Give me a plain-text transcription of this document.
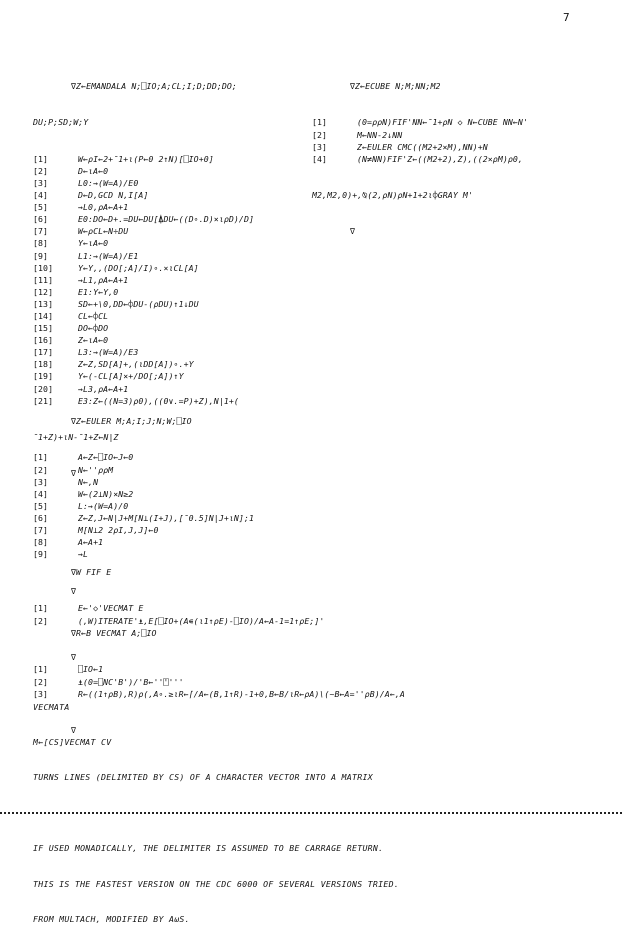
7

∇Z←EMANDALA N;⎕IO;A;CL;I;D;DD;DO;

DU;P;SD;W;Y

[1]	W←ρI←2+¯1+ι(P←0 2↑N)[⎕IO+0]
[2]	D←ιA←0
[3]	L0:→(W=A)/E0
[4]	D←D,GCD N,I[A]
[5]	→L0,ρA←A+1
[6]	E0:DO←D+.=DU←DU[⍋DU←((D∘.D)×ιρD)/D]
[7]	W←ρCL←N÷DU
[8]	Y←ιA←0
[9]	L1:→(W=A)/E1
[10]	Y←Y,,(DO[;A]/I)∘.×ιCL[A]
[11]	→L1,ρA←A+1
[12]	E1:Y←Y,0
[13]	SD←+\0,DD←⌽DU-(ρDU)↑1↓DU
[14]	CL←⌽CL
[15]	DO←⌽DO
[16]	Z←ιA←0
[17]	L3:→(W=A)/E3
[18]	Z←Z,SD[A]+,(ιDD[A])∘.+Y
[19]	Y←(-CL[A]×+/DO[;A])↑Y
[20]	→L3,ρA←A+1
[21]	E3:Z←((N=3)ρ0),((0∨.=P)+Z),N|1+(

¯1+Z)+ιN-¯1+Z←N|Z

∇

∇Z←ECUBE N;M;NN;M2

[1]	(0=ρρN)FIF'NN←¯1+ρN ◇ N←CUBE NN←N'
[2]	M←NN-2↓NN
[3]	Z←EULER CMC((M2+2×M),NN)+N
[4]	(N≠NN)FIF'Z←((M2+2),Z),((2×ρM)ρ0,

M2,M2,0)+,⍉(2,ρN)ρN+1+2ι⌽GRAY M'

∇

∇Z←EULER M;A;I;J;N;W;⎕IO

[1]	A←Z←⎕IO←J←0
[2]	N←''ρρM
[3]	N←,N
[4]	W←(2⊥N)×N≥2
[5]	L:→(W=A)/0
[6]	Z←Z,J←N|J+M[N⊥(I+J),[¯0.5]N|J+ιN];1
[7]	M[N⊥2 2ρI,J,J]←0
[8]	A←A+1
[9]	→L

∇

∇W FIF E

[1]	E←'◇'VECMAT E
[2]	(,W)ITERATE'⍎,E[⎕IO+(A∊(ι1↑ρE)-⎕IO)/A←A-1=1↑ρE;]'

∇

∇R←B VECMAT A;⎕IO

[1]	⎕IO←1
[2]	⍎(0=⎕NC'B')/'B←''⍞'''
[3]	R←((1↑ρB),R)ρ(,A∘.≥ιR←⌈/A←(B,1↑R)-1+0,B←B/ιR←ρA)\(~B←A=''ρB)/A←,A

∇

VECMATA

M←[CS]VECMAT CV

TURNS LINES (DELIMITED BY CS) OF A CHARACTER VECTOR INTO A MATRIX

IF USED MONADICALLY, THE DELIMITER IS ASSUMED TO BE CARRAGE RETURN.

THIS IS THE FASTEST VERSION ON THE CDC 6000 OF SEVERAL VERSIONS TRIED.

FROM MULTACH, MODIFIED BY AωS.
